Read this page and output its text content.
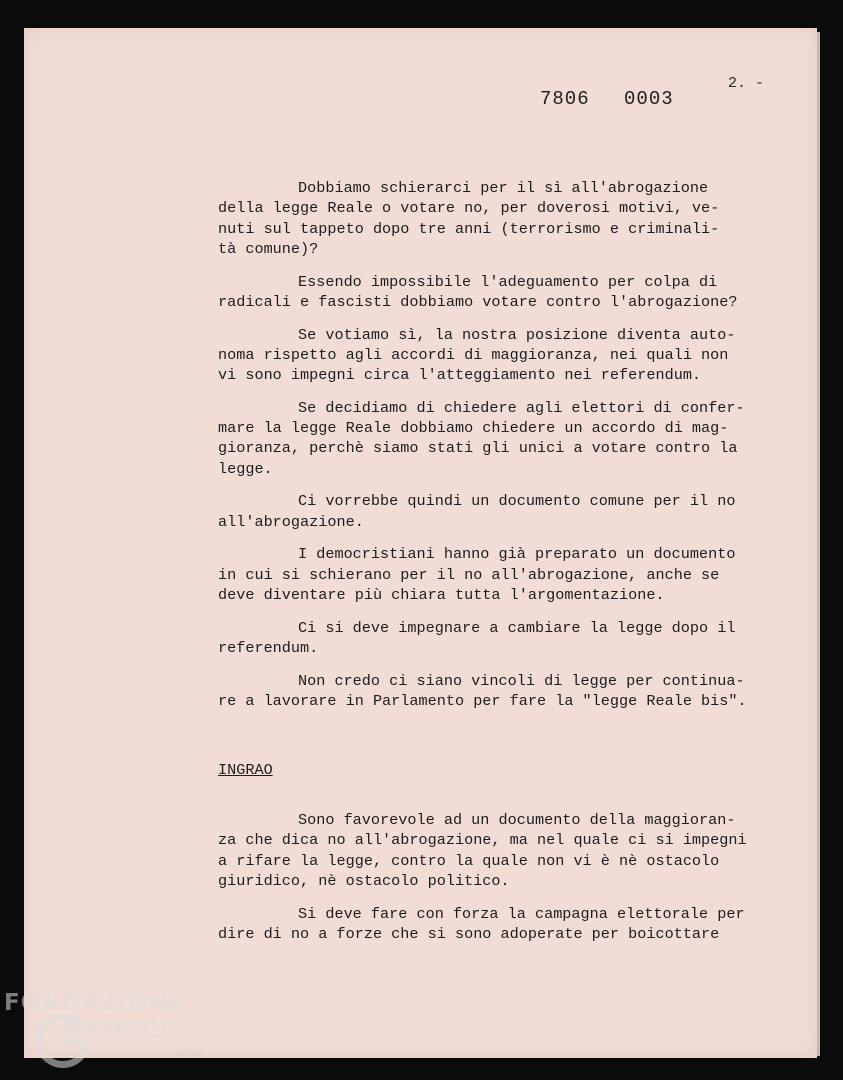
7806 0003
2. -

Dobbiamo schierarci per il sì all'abrogazione
della legge Reale o votare no, per doverosi motivi, ve-
nuti sul tappeto dopo tre anni (terrorismo e criminali-
tà comune)?

Essendo impossibile l'adeguamento per colpa di
radicali e fascisti dobbiamo votare contro l'abrogazione?

Se votiamo sì, la nostra posizione diventa auto-
noma rispetto agli accordi di maggioranza, nei quali non
vi sono impegni circa l'atteggiamento nei referendum.

Se decidiamo di chiedere agli elettori di confer-
mare la legge Reale dobbiamo chiedere un accordo di mag-
gioranza, perchè siamo stati gli unici a votare contro la
legge.

Ci vorrebbe quindi un documento comune per il no
all'abrogazione.

I democristiani hanno già preparato un documento
in cui si schierano per il no all'abrogazione, anche se
deve diventare più chiara tutta l'argomentazione.

Ci si deve impegnare a cambiare la legge dopo il
referendum.

Non credo ci siano vincoli di legge per continua-
re a lavorare in Parlamento per fare la "legge Reale bis".

INGRAO

Sono favorevole ad un documento della maggioran-
za che dica no all'abrogazione, ma nel quale ci si impegni
a rifare la legge, contro la quale non vi è nè ostacolo
giuridico, nè ostacolo politico.

Si deve fare con forza la campagna elettorale per
dire di no a forze che si sono adoperate per boicottare

FONDAZIONE
RAMSCI
onlus
